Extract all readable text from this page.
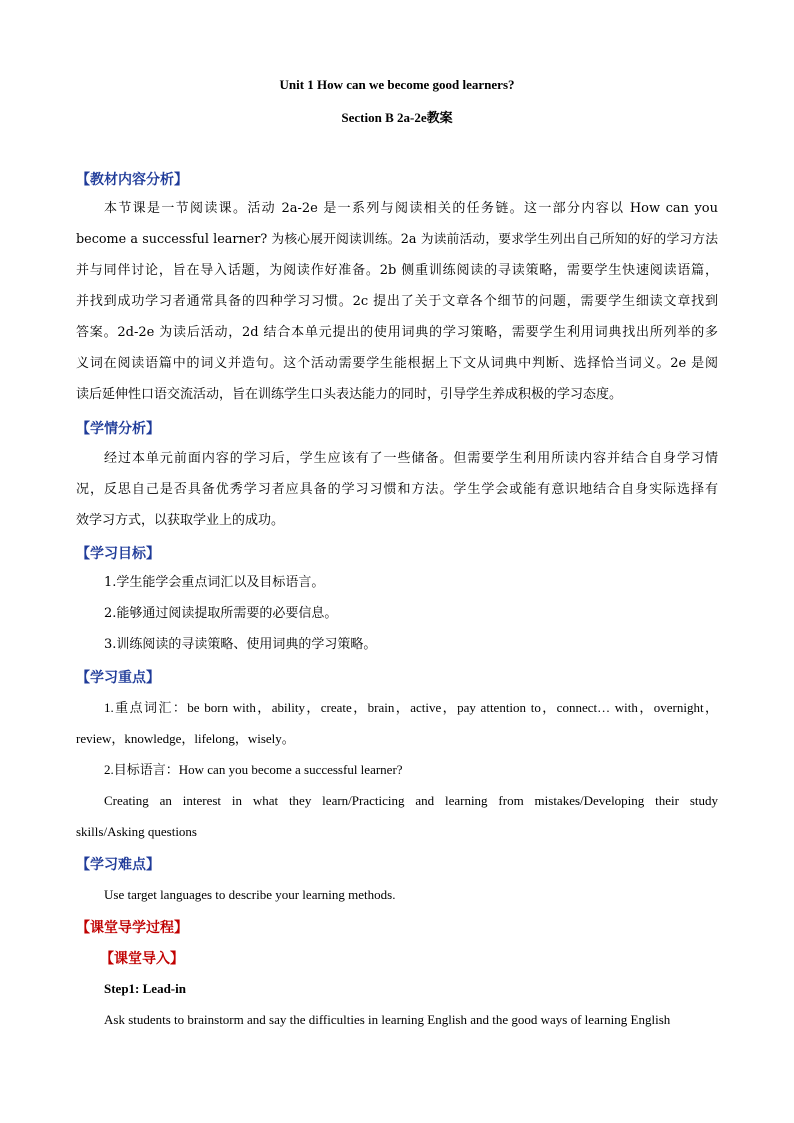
Unit 1 How can we become good learners?
Section B 2a-2e教案
【教材内容分析】
本节课是一节阅读课。活动 2a-2e 是一系列与阅读相关的任务链。这一部分内容以 How can you
become a successful learner? 为核心展开阅读训练。2a 为读前活动，要求学生列出自己所知的好的学习方法
并与同伴讨论，旨在导入话题，为阅读作好准备。2b 侧重训练阅读的寻读策略，需要学生快速阅读语篇，
并找到成功学习者通常具备的四种学习习惯。2c 提出了关于文章各个细节的问题，需要学生细读文章找到
答案。2d-2e 为读后活动，2d 结合本单元提出的使用词典的学习策略，需要学生利用词典找出所列举的多
义词在阅读语篇中的词义并造句。这个活动需要学生能根据上下文从词典中判断、选择恰当词义。2e 是阅
读后延伸性口语交流活动，旨在训练学生口头表达能力的同时，引导学生养成积极的学习态度。
【学情分析】
经过本单元前面内容的学习后，学生应该有了一些储备。但需要学生利用所读内容并结合自身学习情
况，反思自己是否具备优秀学习者应具备的学习习惯和方法。学生学会或能有意识地结合自身实际选择有
效学习方式，以获取学业上的成功。
【学习目标】
1.学生能学会重点词汇以及目标语言。
2.能够通过阅读提取所需要的必要信息。
3.训练阅读的寻读策略、使用词典的学习策略。
【学习重点】
1.重点词汇：be born with，ability，create，brain，active，pay attention to，connect… with，overnight，
review，knowledge，lifelong，wisely。
2.目标语言：How can you become a successful learner?
Creating an interest in what they learn/Practicing and learning from mistakes/Developing their study
skills/Asking questions
【学习难点】
Use target languages to describe your learning methods.
【课堂导学过程】
【课堂导入】
Step1: Lead-in
Ask students to brainstorm and say the difficulties in learning English and the good ways of learning English
